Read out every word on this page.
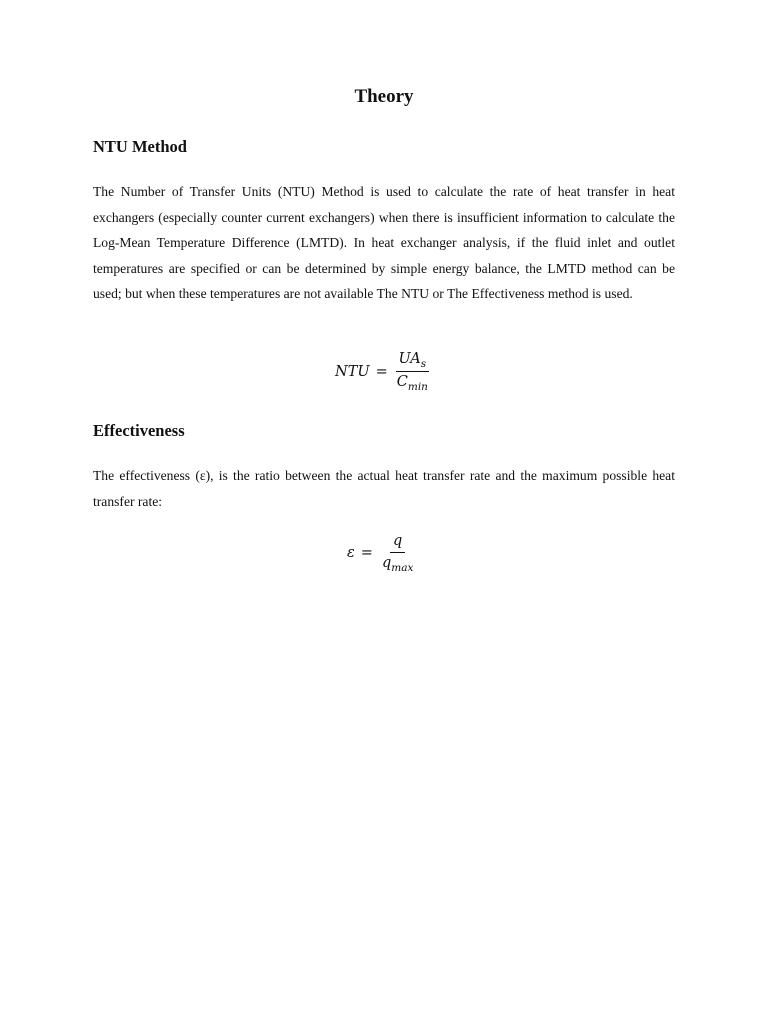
Theory
NTU Method

The Number of Transfer Units (NTU) Method is used to calculate the rate of heat transfer in heat exchangers (especially counter current exchangers) when there is insufficient information to calculate the Log-Mean Temperature Difference (LMTD). In heat exchanger analysis, if the fluid inlet and outlet temperatures are specified or can be determined by simple energy balance, the LMTD method can be used; but when these temperatures are not available The NTU or The Effectiveness method is used.

NTU = $\frac{UA_s}{C_{min}}$
Effectiveness

The effectiveness (ε), is the ratio between the actual heat transfer rate and the maximum possible heat transfer rate:

$\varepsilon = \frac{q}{q_{max}}$
